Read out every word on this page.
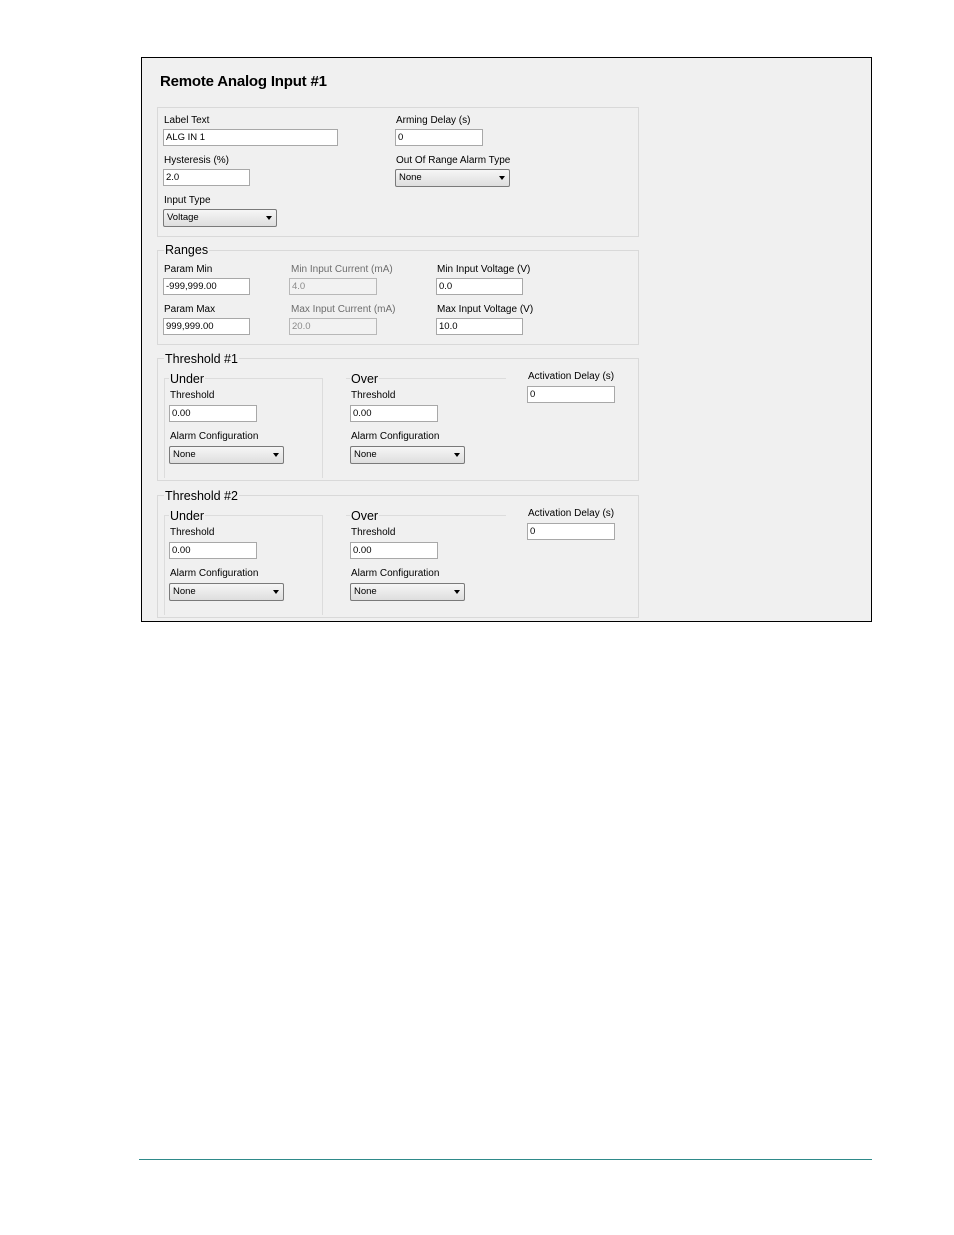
Remote Analog Input #1
Label Text
ALG IN 1
Arming Delay (s)
0
Hysteresis (%)
2.0
Out Of Range Alarm Type
None
Input Type
Voltage
Ranges
Param Min
-999,999.00
Min Input Current (mA)
4.0
Min Input Voltage (V)
0.0
Param Max
999,999.00
Max Input Current (mA)
20.0
Max Input Voltage (V)
10.0
Threshold #1
Under
Threshold
0.00
Alarm Configuration
None
Over
Threshold
0.00
Alarm Configuration
None
Activation Delay (s)
0
Threshold #2
Under
Threshold
0.00
Alarm Configuration
None
Over
Threshold
0.00
Alarm Configuration
None
Activation Delay (s)
0
